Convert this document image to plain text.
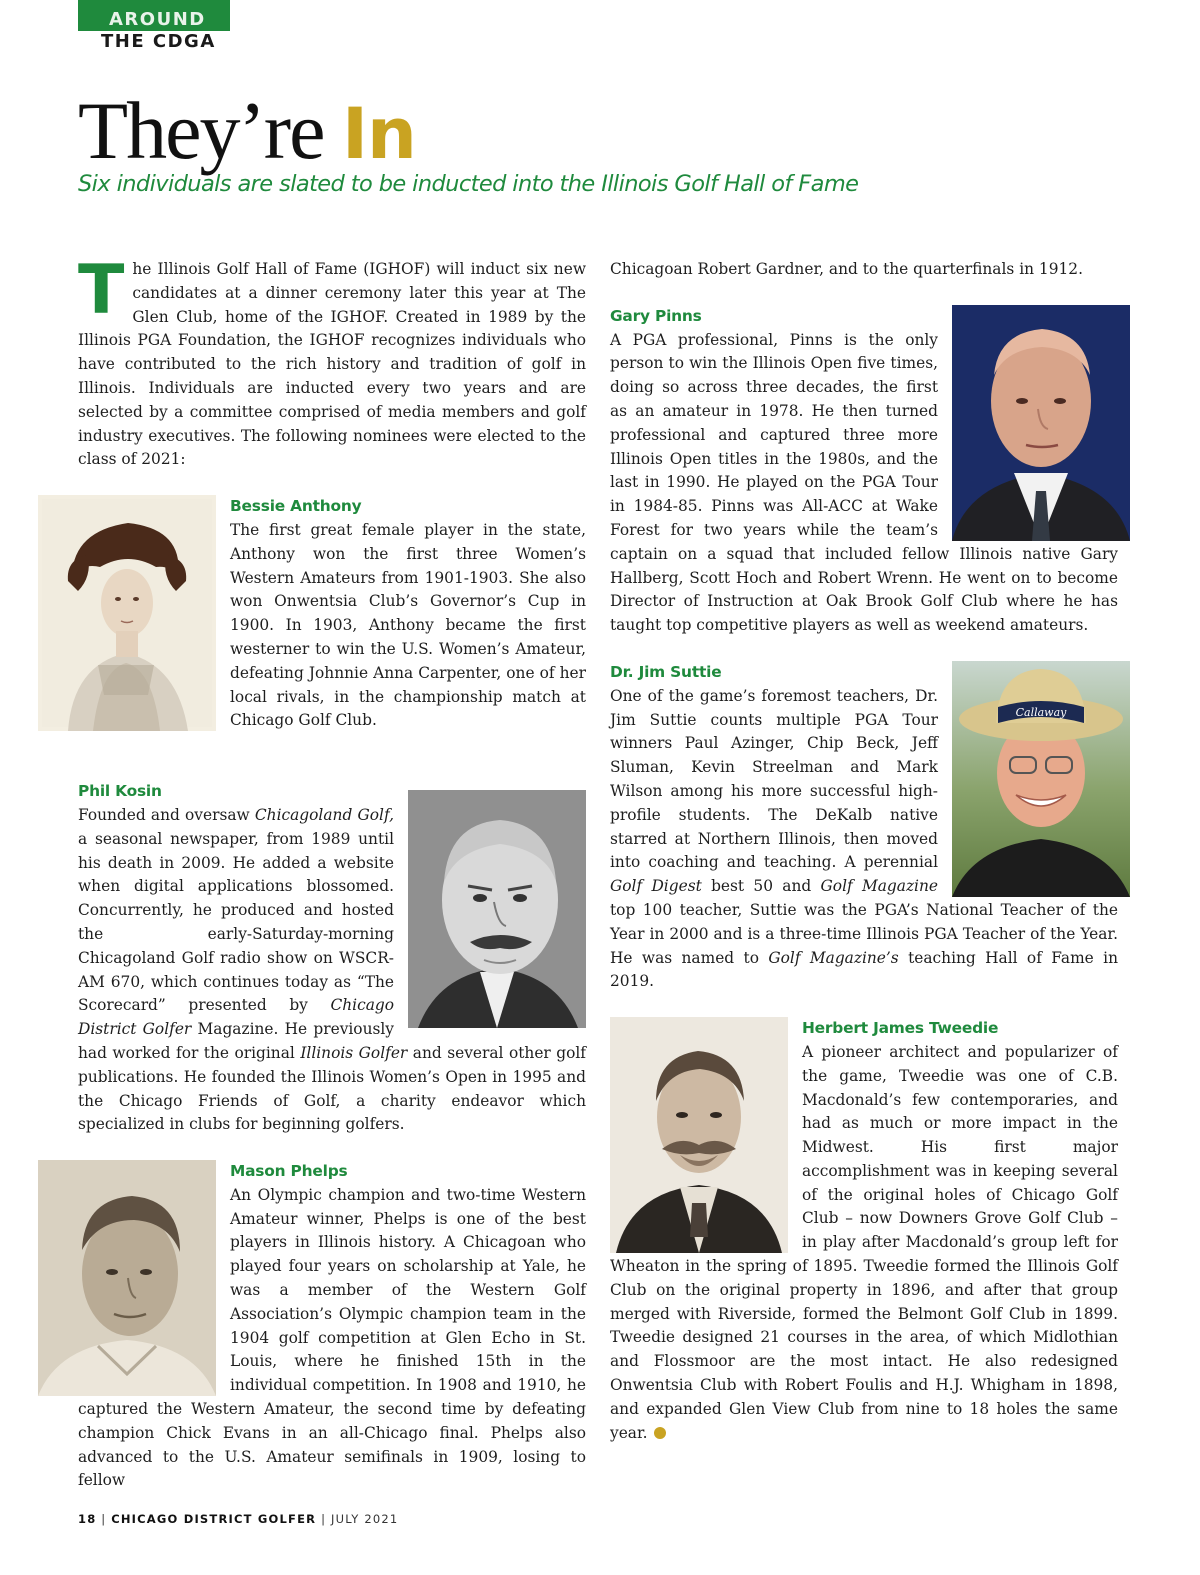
AROUND
THE CDGA
They’re In
Six individuals are slated to be inducted into the Illinois Golf Hall of Fame

The Illinois Golf Hall of Fame (IGHOF) will induct six new candidates at a dinner ceremony later this year at The Glen Club, home of the IGHOF. Created in 1989 by the Illinois PGA Foundation, the IGHOF recognizes individuals who have contributed to the rich history and tradition of golf in Illinois. Individuals are inducted every two years and are selected by a committee comprised of media members and golf industry executives. The following nominees were elected to the class of 2021:

Bessie Anthony

The first great female player in the state, Anthony won the first three Women’s Western Amateurs from 1901-1903. She also won Onwentsia Club’s Governor’s Cup in 1900. In 1903, Anthony became the first westerner to win the U.S. Women’s Amateur, defeating Johnnie Anna Carpenter, one of her local rivals, in the championship match at Chicago Golf Club.

Phil Kosin

Founded and oversaw Chicagoland Golf, a seasonal newspaper, from 1989 until his death in 2009. He added a website when digital applications blossomed. Concurrently, he produced and hosted the early-Saturday-morning Chicagoland Golf radio show on WSCR-AM 670, which continues today as “The Scorecard” presented by Chicago District Golfer Magazine. He previously had worked for the original Illinois Golfer and several other golf publications. He founded the Illinois Women’s Open in 1995 and the Chicago Friends of Golf, a charity endeavor which specialized in clubs for beginning golfers.

Mason Phelps

An Olympic champion and two-time Western Amateur winner, Phelps is one of the best players in Illinois history. A Chicagoan who played four years on scholarship at Yale, he was a member of the Western Golf Association’s Olympic champion team in the 1904 golf competition at Glen Echo in St. Louis, where he finished 15th in the individual competition. In 1908 and 1910, he captured the Western Amateur, the second time by defeating champion Chick Evans in an all-Chicago final. Phelps also advanced to the U.S. Amateur semifinals in 1909, losing to fellow

Chicagoan Robert Gardner, and to the quarterfinals in 1912.

Gary Pinns

A PGA professional, Pinns is the only person to win the Illinois Open five times, doing so across three decades, the first as an amateur in 1978. He then turned professional and captured three more Illinois Open titles in the 1980s, and the last in 1990. He played on the PGA Tour in 1984-85. Pinns was All-ACC at Wake Forest for two years while the team’s captain on a squad that included fellow Illinois native Gary Hallberg, Scott Hoch and Robert Wrenn. He went on to become Director of Instruction at Oak Brook Golf Club where he has taught top competitive players as well as weekend amateurs.

Callaway
Dr. Jim Suttie

One of the game’s foremost teachers, Dr. Jim Suttie counts multiple PGA Tour winners Paul Azinger, Chip Beck, Jeff Sluman, Kevin Streelman and Mark Wilson among his more successful high-profile students. The DeKalb native starred at Northern Illinois, then moved into coaching and teaching. A perennial Golf Digest best 50 and Golf Magazine top 100 teacher, Suttie was the PGA’s National Teacher of the Year in 2000 and is a three-time Illinois PGA Teacher of the Year. He was named to Golf Magazine’s teaching Hall of Fame in 2019.

Herbert James Tweedie

A pioneer architect and popularizer of the game, Tweedie was one of C.B. Macdonald’s few contemporaries, and had as much or more impact in the Midwest. His first major accomplishment was in keeping several of the original holes of Chicago Golf Club – now Downers Grove Golf Club – in play after Macdonald’s group left for Wheaton in the spring of 1895. Tweedie formed the Illinois Golf Club on the original property in 1896, and after that group merged with Riverside, formed the Belmont Golf Club in 1899. Tweedie designed 21 courses in the area, of which Midlothian and Flossmoor are the most intact. He also redesigned Onwentsia Club with Robert Foulis and H.J. Whigham in 1898, and expanded Glen View Club from nine to 18 holes the same year.

18 | CHICAGO DISTRICT GOLFER | JULY 2021
